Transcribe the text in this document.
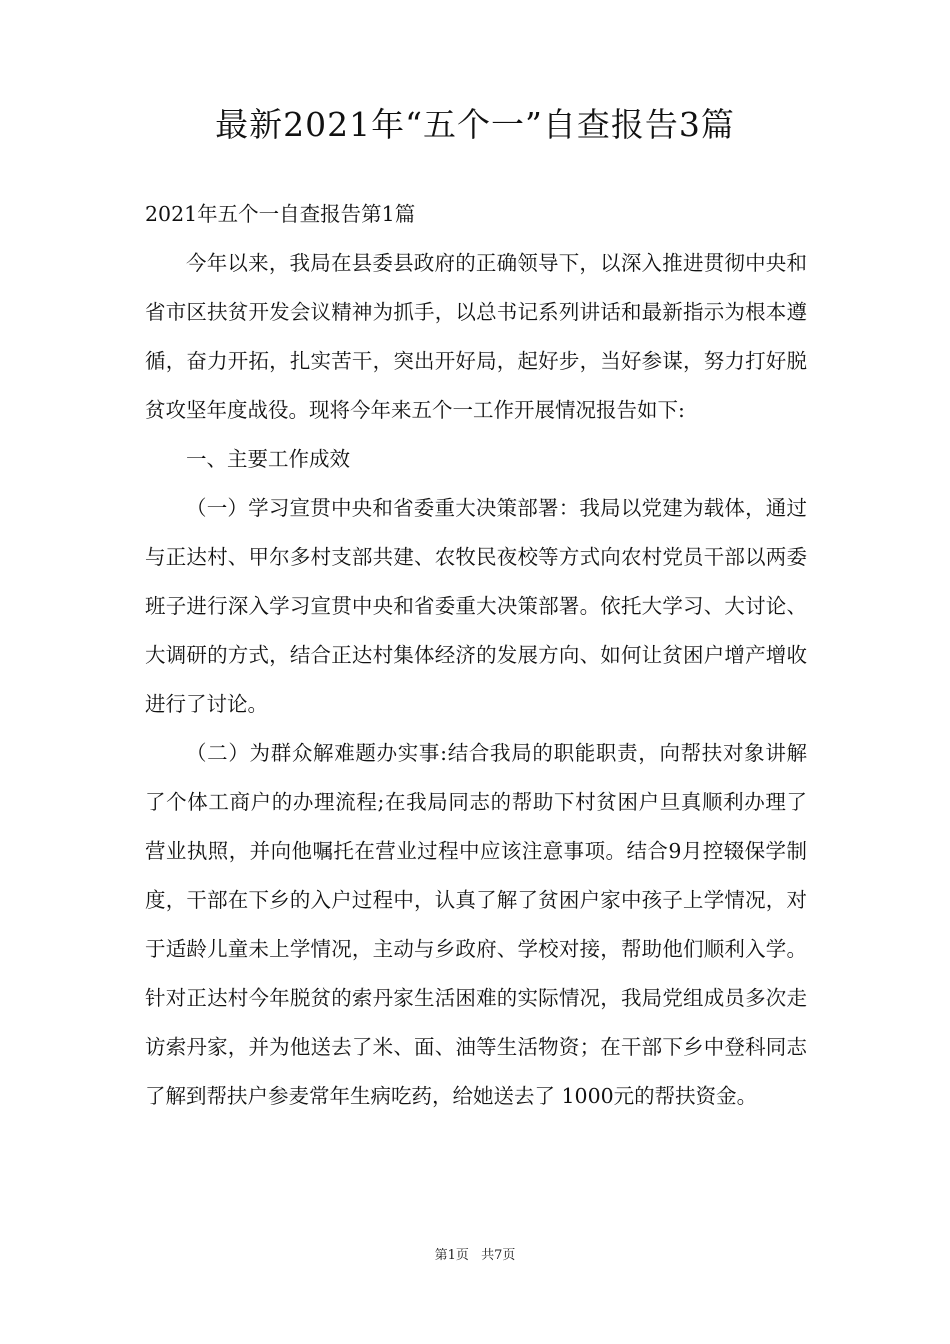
最新2021年“五个一”自查报告3篇

2021年五个一自查报告第1篇

今年以来，我局在县委县政府的正确领导下，以深入推进贯彻中央和省市区扶贫开发会议精神为抓手，以总书记系列讲话和最新指示为根本遵循，奋力开拓，扎实苦干，突出开好局，起好步，当好参谋，努力打好脱贫攻坚年度战役。现将今年来五个一工作开展情况报告如下:

一、主要工作成效

（一）学习宣贯中央和省委重大决策部署：我局以党建为载体，通过与正达村、甲尔多村支部共建、农牧民夜校等方式向农村党员干部以两委班子进行深入学习宣贯中央和省委重大决策部署。依托大学习、大讨论、大调研的方式，结合正达村集体经济的发展方向、如何让贫困户增产增收进行了讨论。

（二）为群众解难题办实事:结合我局的职能职责，向帮扶对象讲解了个体工商户的办理流程;在我局同志的帮助下村贫困户旦真顺利办理了营业执照，并向他嘱托在营业过程中应该注意事项。结合9月控辍保学制度，干部在下乡的入户过程中，认真了解了贫困户家中孩子上学情况，对于适龄儿童未上学情况，主动与乡政府、学校对接，帮助他们顺利入学。针对正达村今年脱贫的索丹家生活困难的实际情况，我局党组成员多次走访索丹家，并为他送去了米、面、油等生活物资；在干部下乡中登科同志了解到帮扶户参麦常年生病吃药，给她送去了 1000元的帮扶资金。

第1页 共7页
